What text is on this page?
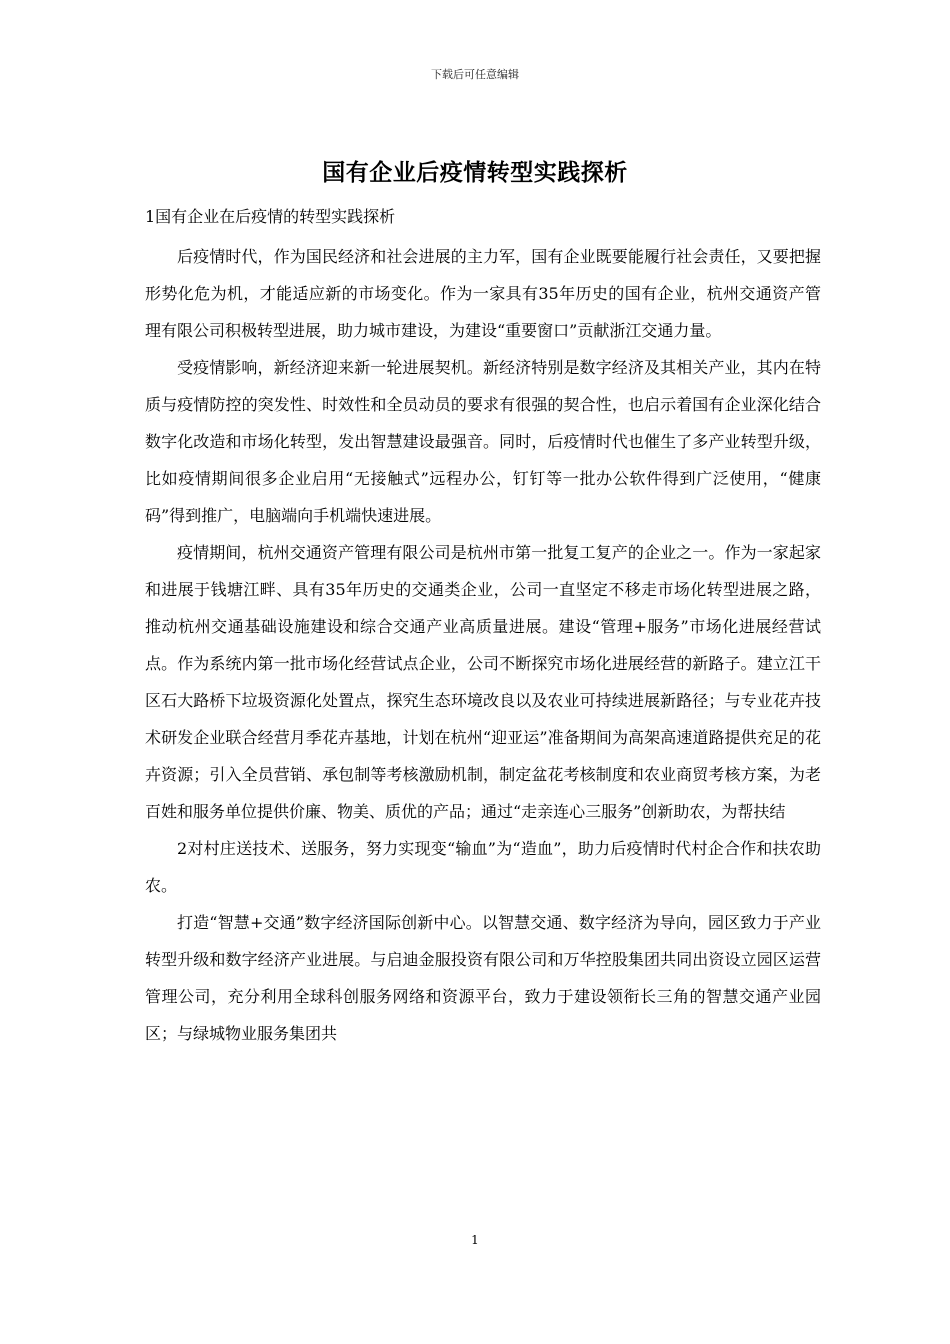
下载后可任意编辑
国有企业后疫情转型实践探析

1国有企业在后疫情的转型实践探析

后疫情时代，作为国民经济和社会进展的主力军，国有企业既要能履行社会责任，又要把握形势化危为机，才能适应新的市场变化。作为一家具有35年历史的国有企业，杭州交通资产管理有限公司积极转型进展，助力城市建设，为建设“重要窗口”贡献浙江交通力量。

受疫情影响，新经济迎来新一轮进展契机。新经济特别是数字经济及其相关产业，其内在特质与疫情防控的突发性、时效性和全员动员的要求有很强的契合性，也启示着国有企业深化结合数字化改造和市场化转型，发出智慧建设最强音。同时，后疫情时代也催生了多产业转型升级，比如疫情期间很多企业启用“无接触式”远程办公，钉钉等一批办公软件得到广泛使用，“健康码”得到推广，电脑端向手机端快速进展。

疫情期间，杭州交通资产管理有限公司是杭州市第一批复工复产的企业之一。作为一家起家和进展于钱塘江畔、具有35年历史的交通类企业，公司一直坚定不移走市场化转型进展之路，推动杭州交通基础设施建设和综合交通产业高质量进展。建设“管理+服务”市场化进展经营试点。作为系统内第一批市场化经营试点企业，公司不断探究市场化进展经营的新路子。建立江干区石大路桥下垃圾资源化处置点，探究生态环境改良以及农业可持续进展新路径；与专业花卉技术研发企业联合经营月季花卉基地，计划在杭州“迎亚运”准备期间为高架高速道路提供充足的花卉资源；引入全员营销、承包制等考核激励机制，制定盆花考核制度和农业商贸考核方案，为老百姓和服务单位提供价廉、物美、质优的产品；通过“走亲连心三服务”创新助农，为帮扶结

2对村庄送技术、送服务，努力实现变“输血”为“造血”，助力后疫情时代村企合作和扶农助农。

打造“智慧+交通”数字经济国际创新中心。以智慧交通、数字经济为导向，园区致力于产业转型升级和数字经济产业进展。与启迪金服投资有限公司和万华控股集团共同出资设立园区运营管理公司，充分利用全球科创服务网络和资源平台，致力于建设领衔长三角的智慧交通产业园区；与绿城物业服务集团共

1
